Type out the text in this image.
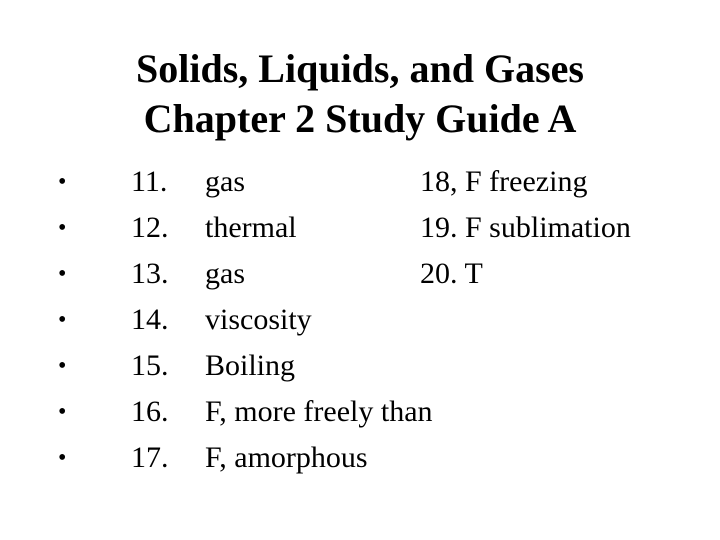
Solids, Liquids, and Gases
Chapter 2 Study Guide A
• 11. gas	18, F freezing
• 12. thermal	19. F sublimation
• 13. gas	20. T
• 14. viscosity
• 15. Boiling
• 16. F, more freely than
• 17. F, amorphous
